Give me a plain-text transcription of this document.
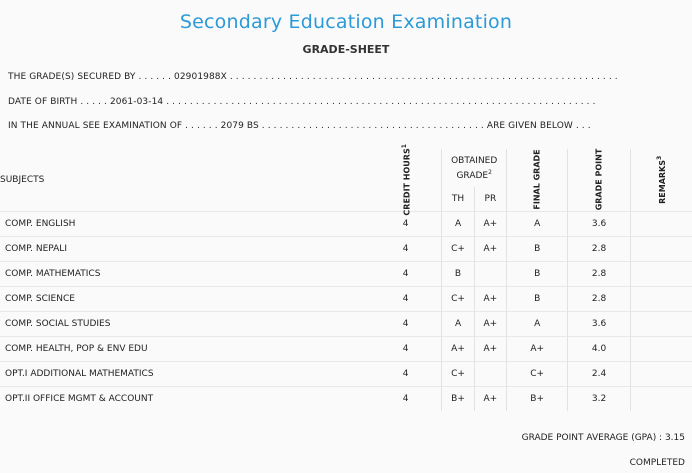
Secondary Education Examination
GRADE-SHEET
THE GRADE(S) SECURED BY . . . . . . 02901988X . . . . . . . . . . . . . . . . . . . . . . . . . . . . . . . . . . . . . . . . . . . . . . . . . . . . . . . . . . . . . . . . . .
DATE OF BIRTH . . . . . 2061-03-14 . . . . . . . . . . . . . . . . . . . . . . . . . . . . . . . . . . . . . . . . . . . . . . . . . . . . . . . . . . . . . . . . . . . . . . . . .
IN THE ANNUAL SEE EXAMINATION OF . . . . . . 2079 BS . . . . . . . . . . . . . . . . . . . . . . . . . . . . . . . . . . . . . . ARE GIVEN BELOW . . .
SUBJECTS	CREDIT HOURS$^1$	OBTAINED GRADE$^2$		FINAL GRADE	GRADE POINT	REMARKS$^3$
		TH	PR			
COMP. ENGLISH	4	A	A+	A	3.6	
COMP. NEPALI	4	C+	A+	B	2.8	
COMP. MATHEMATICS	4	B		B	2.8	
COMP. SCIENCE	4	C+	A+	B	2.8	
COMP. SOCIAL STUDIES	4	A	A+	A	3.6	
COMP. HEALTH, POP & ENV EDU	4	A+	A+	A+	4.0	
OPT.I ADDITIONAL MATHEMATICS	4	C+		C+	2.4	
OPT.II OFFICE MGMT & ACCOUNT	4	B+	A+	B+	3.2	
GRADE POINT AVERAGE (GPA) : 3.15
COMPLETED
